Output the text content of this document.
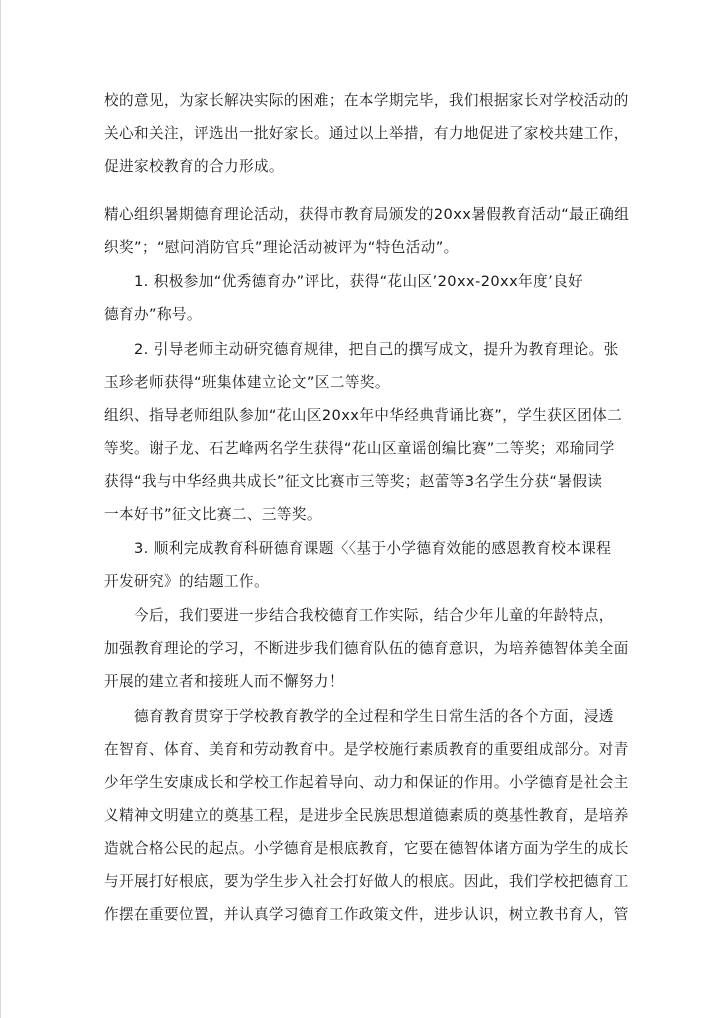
校的意见，为家长解决实际的困难；在本学期完毕，我们根据家长对学校活动的
关心和关注，评选出一批好家长。通过以上举措，有力地促进了家校共建工作，
促进家校教育的合力形成。
精心组织暑期德育理论活动，获得市教育局颁发的20xx暑假教育活动“最正确组
织奖”；“慰问消防官兵”理论活动被评为“特色活动”。
1. 积极参加“优秀德育办”评比，获得“花山区’20xx-20xx年度’良好
德育办”称号。
2. 引导老师主动研究德育规律，把自己的撰写成文，提升为教育理论。张
玉珍老师获得“班集体建立论文”区二等奖。
组织、指导老师组队参加“花山区20xx年中华经典背诵比赛”，学生获区团体二
等奖。谢子龙、石艺峰两名学生获得“花山区童谣创编比赛”二等奖；邓瑜同学
获得“我与中华经典共成长”征文比赛市三等奖；赵蕾等3名学生分获“暑假读
一本好书”征文比赛二、三等奖。
3. 顺利完成教育科研德育课题〈〈基于小学德育效能的感恩教育校本课程
开发研究》的结题工作。
今后，我们要进一步结合我校德育工作实际，结合少年儿童的年龄特点，
加强教育理论的学习，不断进步我们德育队伍的德育意识，为培养德智体美全面
开展的建立者和接班人而不懈努力！
德育教育贯穿于学校教育教学的全过程和学生日常生活的各个方面，浸透
在智育、体育、美育和劳动教育中。是学校施行素质教育的重要组成部分。对青
少年学生安康成长和学校工作起着导向、动力和保证的作用。小学德育是社会主
义精神文明建立的奠基工程，是进步全民族思想道德素质的奠基性教育，是培养
造就合格公民的起点。小学德育是根底教育，它要在德智体诸方面为学生的成长
与开展打好根底，要为学生步入社会打好做人的根底。因此，我们学校把德育工
作摆在重要位置，并认真学习德育工作政策文件，进步认识，树立教书育人，管
